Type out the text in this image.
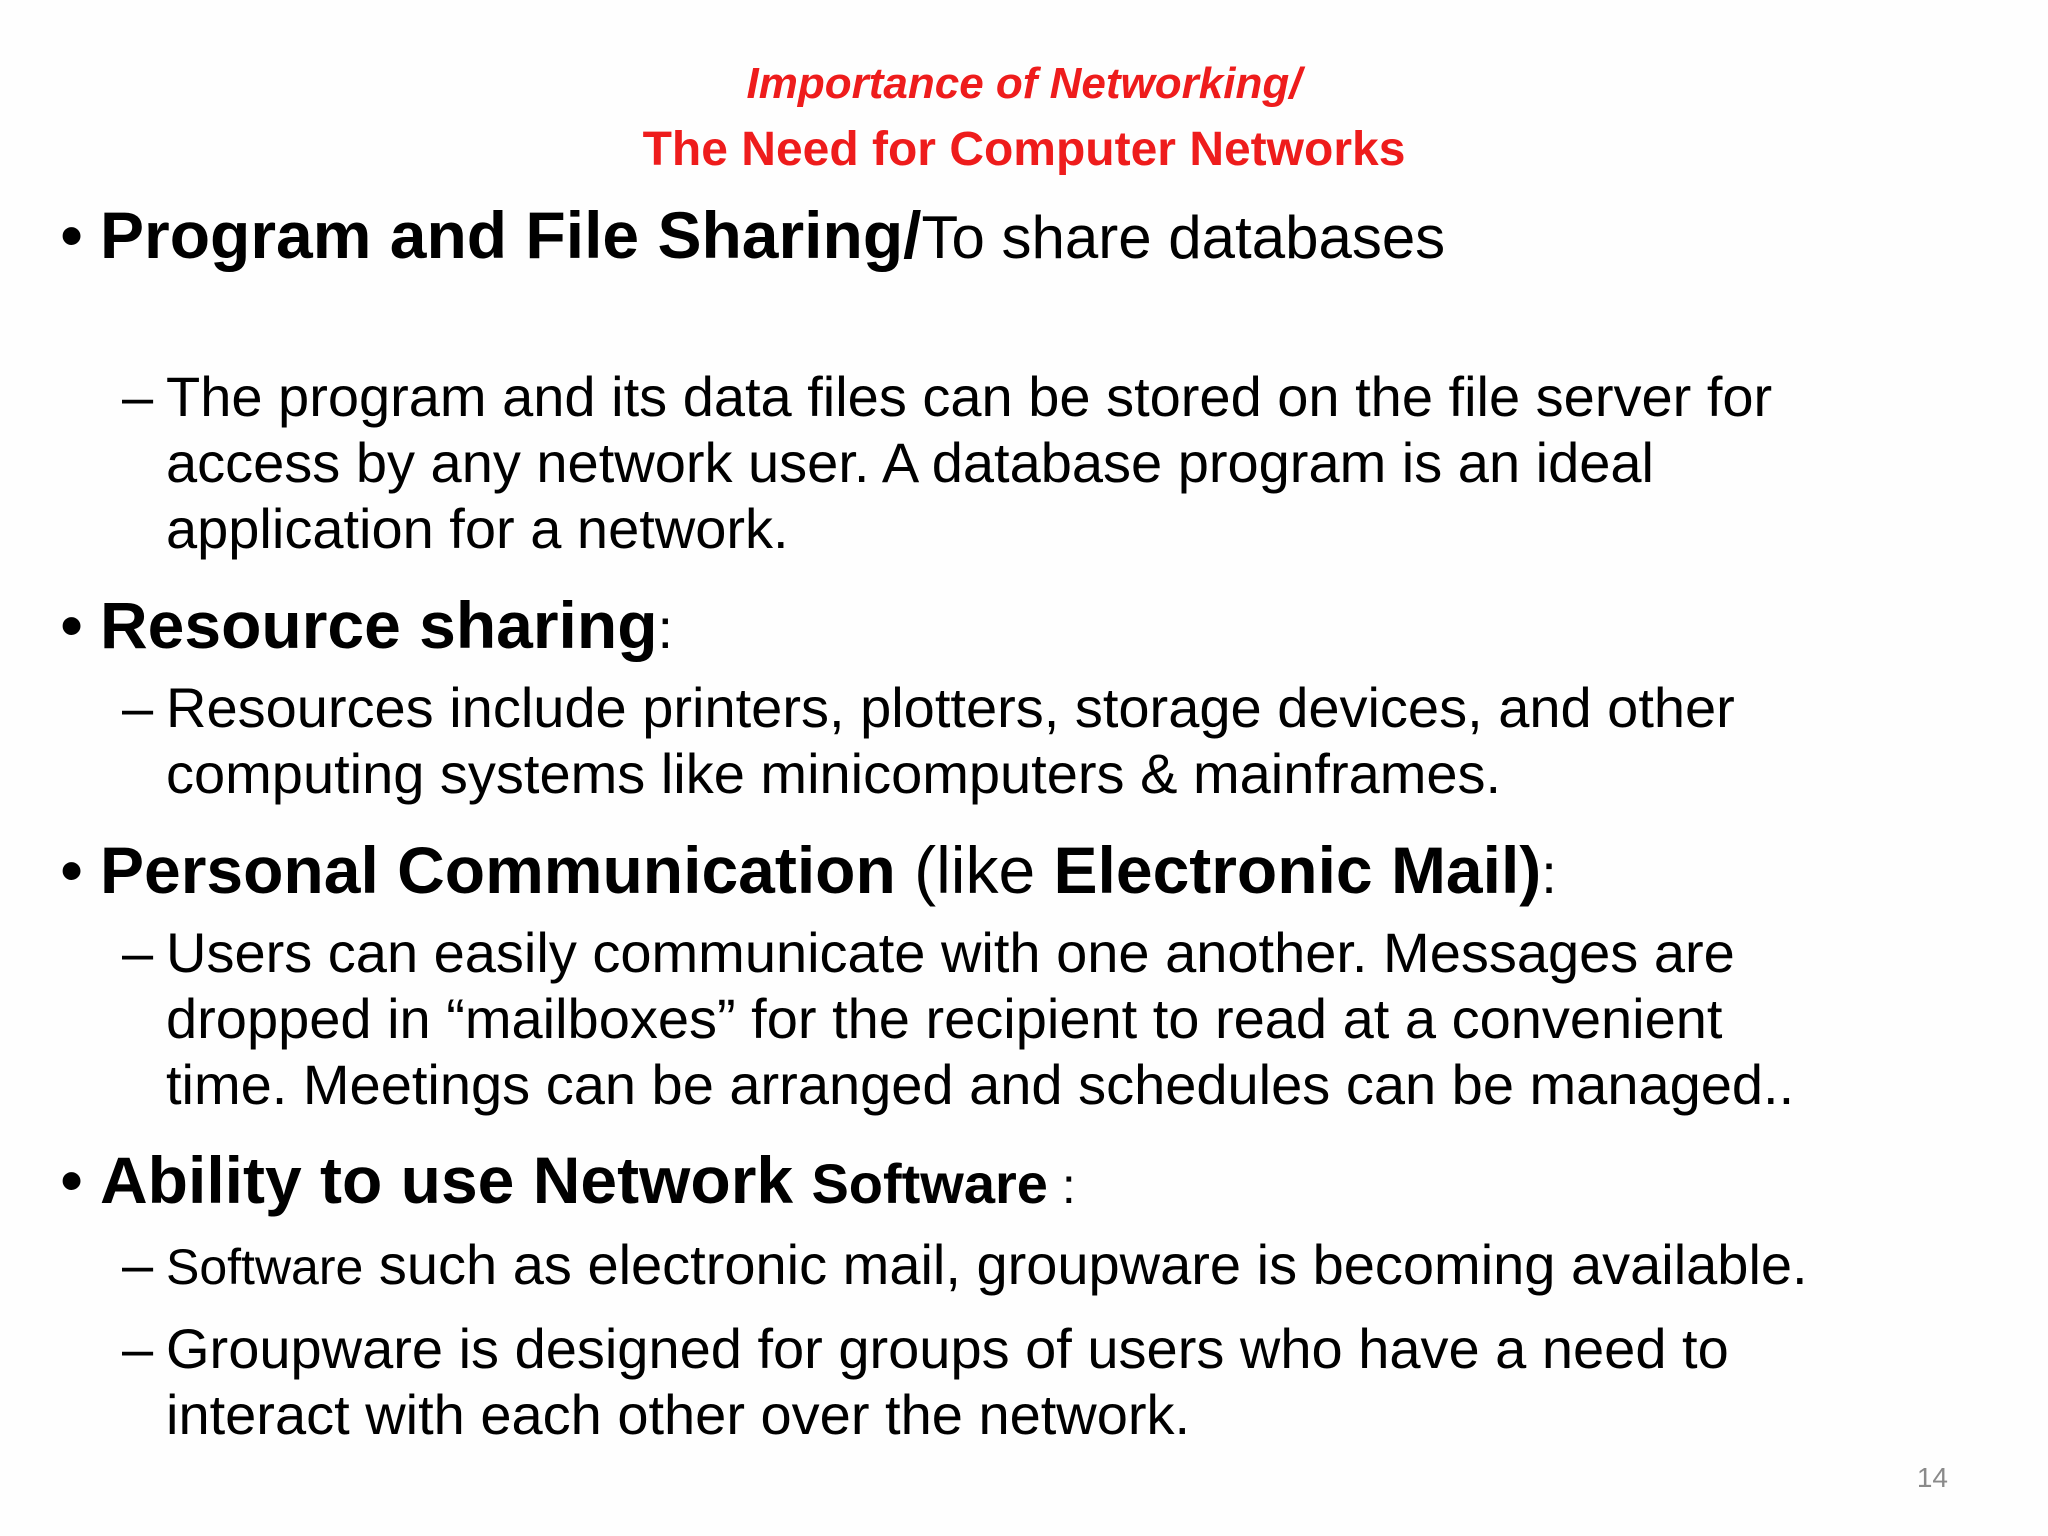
Importance of Networking/
The Need for Computer Networks
• Program and File Sharing/To share databases
– The program and its data files can be stored on the file server for
access by any network user. A database program is an ideal
application for a network.
• Resource sharing:
– Resources include printers, plotters, storage devices, and other
computing systems like minicomputers & mainframes.
• Personal Communication (like Electronic Mail):
– Users can easily communicate with one another. Messages are
dropped in “mailboxes” for the recipient to read at a convenient
time. Meetings can be arranged and schedules can be managed..
• Ability to use Network Software :
– Software such as electronic mail, groupware is becoming available.
– Groupware is designed for groups of users who have a need to
interact with each other over the network.
14
